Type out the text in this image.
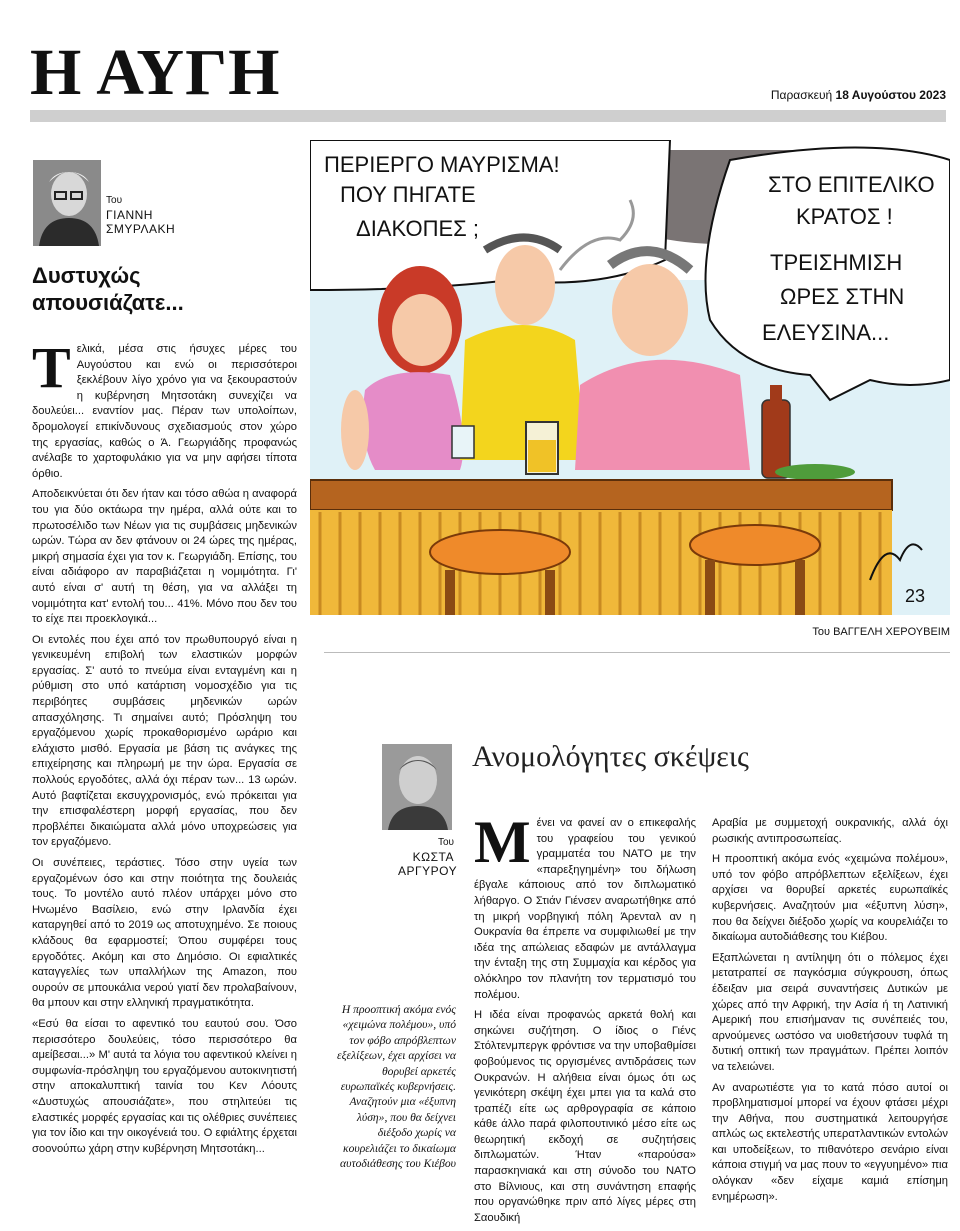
Η ΑΥΓΗ	Παρασκευή 18 Αυγούστου 2023
Του
ΓΙΑΝΝΗ
ΣΜΥΡΛΑΚΗ
Δυστυχώς
απουσιάζατε...

Τελικά, μέσα στις ήσυχες μέρες του Αυγούστου και ενώ οι περισσότεροι ξεκλέβουν λίγο χρόνο για να ξεκουραστούν η κυβέρνηση Μητσοτάκη συνεχίζει να δουλεύει... εναντίον μας. Πέραν των υπολοίπων, δρομολογεί επικίνδυνους σχεδιασμούς στον χώρο της εργασίας, καθώς ο Ά. Γεωργιάδης προφανώς ανέλαβε το χαρτοφυλάκιο για να μην αφήσει τίποτα όρθιο.

Αποδεικνύεται ότι δεν ήταν και τόσο αθώα η αναφορά του για δύο οκτάωρα την ημέρα, αλλά ούτε και το πρωτοσέλιδο των Νέων για τις συμβάσεις μηδενικών ωρών. Τώρα αν δεν φτάνουν οι 24 ώρες της ημέρας, μικρή σημασία έχει για τον κ. Γεωργιάδη. Επίσης, του είναι αδιάφορο αν παραβιάζεται η νομιμότητα. Γι' αυτό είναι σ' αυτή τη θέση, για να αλλάξει τη νομιμότητα κατ' εντολή του... 41%. Μόνο που δεν του το είχε πει προεκλογικά...

Οι εντολές που έχει από τον πρωθυπουργό είναι η γενικευμένη επιβολή των ελαστικών μορφών εργασίας. Σ' αυτό το πνεύμα είναι ενταγμένη και η ρύθμιση στο υπό κατάρτιση νομοσχέδιο για τις περιβόητες συμβάσεις μηδενικών ωρών απασχόλησης. Τι σημαίνει αυτό; Πρόσληψη του εργαζόμενου χωρίς προκαθορισμένο ωράριο και ελάχιστο μισθό. Εργασία με βάση τις ανάγκες της επιχείρησης και πληρωμή με την ώρα. Εργασία σε πολλούς εργοδότες, αλλά όχι πέραν των... 13 ωρών. Αυτό βαφτίζεται εκσυγχρονισμός, ενώ πρόκειται για την επισφαλέστερη μορφή εργασίας, που δεν προβλέπει δικαιώματα αλλά μόνο υποχρεώσεις για τον εργαζόμενο.

Οι συνέπειες, τεράστιες. Τόσο στην υγεία των εργαζομένων όσο και στην ποιότητα της δουλειάς τους. Το μοντέλο αυτό πλέον υπάρχει μόνο στο Ηνωμένο Βασίλειο, ενώ στην Ιρλανδία έχει καταργηθεί από το 2019 ως αποτυχημένο. Σε ποιους κλάδους θα εφαρμοστεί; Όπου συμφέρει τους εργοδότες. Ακόμη και στο Δημόσιο. Οι εφιαλτικές καταγγελίες των υπαλλήλων της Amazon, που ουρούν σε μπουκάλια νερού γιατί δεν προλαβαίνουν, θα μπουν και στην ελληνική πραγματικότητα.

«Εσύ θα είσαι το αφεντικό του εαυτού σου. Όσο περισσότερο δουλεύεις, τόσο περισσότερο θα αμείβεσαι...» Μ' αυτά τα λόγια του αφεντικού κλείνει η συμφωνία-πρόσληψη του εργαζόμενου αυτοκινητιστή στην αποκαλυπτική ταινία του Κεν Λόουτς «Δυστυχώς απουσιάζατε», που στηλιτεύει τις ελαστικές μορφές εργασίας και τις ολέθριες συνέπειες για τον ίδιο και την οικογένειά του. Ο εφιάλτης έρχεται σοονούπω χάρη στην κυβέρνηση Μητσοτάκη...

ΠΕΡΙΕΡΓΟ ΜΑΥΡΙΣΜΑ!
ΠΟΥ ΠΗΓΑΤΕ
ΔΙΑΚΟΠΕΣ ;
ΣΤΟ ΕΠΙΤΕΛΙΚΟ
ΚΡΑΤΟΣ !
ΤΡΕΙΣΗΜΙΣΗ
ΩΡΕΣ ΣΤΗΝ
ΕΛΕΥΣΙΝΑ...
23
Του ΒΑΓΓΕΛΗ ΧΕΡΟΥΒΕΙΜ
Ανομολόγητες σκέψεις
Του
ΚΩΣΤΑ
ΑΡΓΥΡΟΥ
Η προοπτική ακόμα ενός «χειμώνα πολέμου», υπό τον φόβο απρόβλεπτων εξελίξεων, έχει αρχίσει να θορυβεί αρκετές ευρωπαϊκές κυβερνήσεις. Αναζητούν μια «έξυπνη λύση», που θα δείχνει διέξοδο χωρίς να κουρελιάζει το δικαίωμα αυτοδιάθεσης του Κιέβου

Μένει να φανεί αν ο επικεφαλής του γραφείου του γενικού γραμματέα του ΝΑΤΟ με την «παρεξηγημένη» του δήλωση έβγαλε κάποιους από τον διπλωματικό λήθαργο. Ο Στιάν Γιένσεν αναρωτήθηκε από τη μικρή νορβηγική πόλη Άρενταλ αν η Ουκρανία θα έπρεπε να συμφιλιωθεί με την ιδέα της απώλειας εδαφών με αντάλλαγμα την ένταξη της στη Συμμαχία και κέρδος για ολόκληρο τον πλανήτη τον τερματισμό του πολέμου.

Η ιδέα είναι προφανώς αρκετά θολή και σηκώνει συζήτηση. Ο ίδιος ο Γιένς Στόλτενμπεργκ φρόντισε να την υποβαθμίσει φοβούμενος τις οργισμένες αντιδράσεις των Ουκρανών. Η αλήθεια είναι όμως ότι ως γενικότερη σκέψη έχει μπει για τα καλά στο τραπέζι είτε ως αρθρογραφία σε κάποιο κάθε άλλο παρά φιλοπουτινικό μέσο είτε ως θεωρητική εκδοχή σε συζητήσεις διπλωματών. Ήταν «παρούσα» παρασκηνιακά και στη σύνοδο του ΝΑΤΟ στο Βίλνιους, και στη συνάντηση επαφής που οργανώθηκε πριν από λίγες μέρες στη Σαουδική

Αραβία με συμμετοχή ουκρανικής, αλλά όχι ρωσικής αντιπροσωπείας.

Η προοπτική ακόμα ενός «χειμώνα πολέμου», υπό τον φόβο απρόβλεπτων εξελίξεων, έχει αρχίσει να θορυβεί αρκετές ευρωπαϊκές κυβερνήσεις. Αναζητούν μια «έξυπνη λύση», που θα δείχνει διέξοδο χωρίς να κουρελιάζει το δικαίωμα αυτοδιάθεσης του Κιέβου.

Εξαπλώνεται η αντίληψη ότι ο πόλεμος έχει μετατραπεί σε παγκόσμια σύγκρουση, όπως έδειξαν μια σειρά συναντήσεις Δυτικών με χώρες από την Αφρική, την Ασία ή τη Λατινική Αμερική που επισήμαναν τις συνέπειές του, αρνούμενες ωστόσο να υιοθετήσουν τυφλά τη δυτική οπτική των πραγμάτων. Πρέπει λοιπόν να τελειώνει.

Αν αναρωτιέστε για το κατά πόσο αυτοί οι προβληματισμοί μπορεί να έχουν φτάσει μέχρι την Αθήνα, που συστηματικά λειτουργήσε απλώς ως εκτελεστής υπεραтλαντικών εντολών και υποδείξεων, το πιθανότερο σενάριο είναι κάποια στιγμή να μας πουν το «εγγυημένο» πια ολόγκαν «δεν είχαμε καμιά επίσημη ενημέρωση».
